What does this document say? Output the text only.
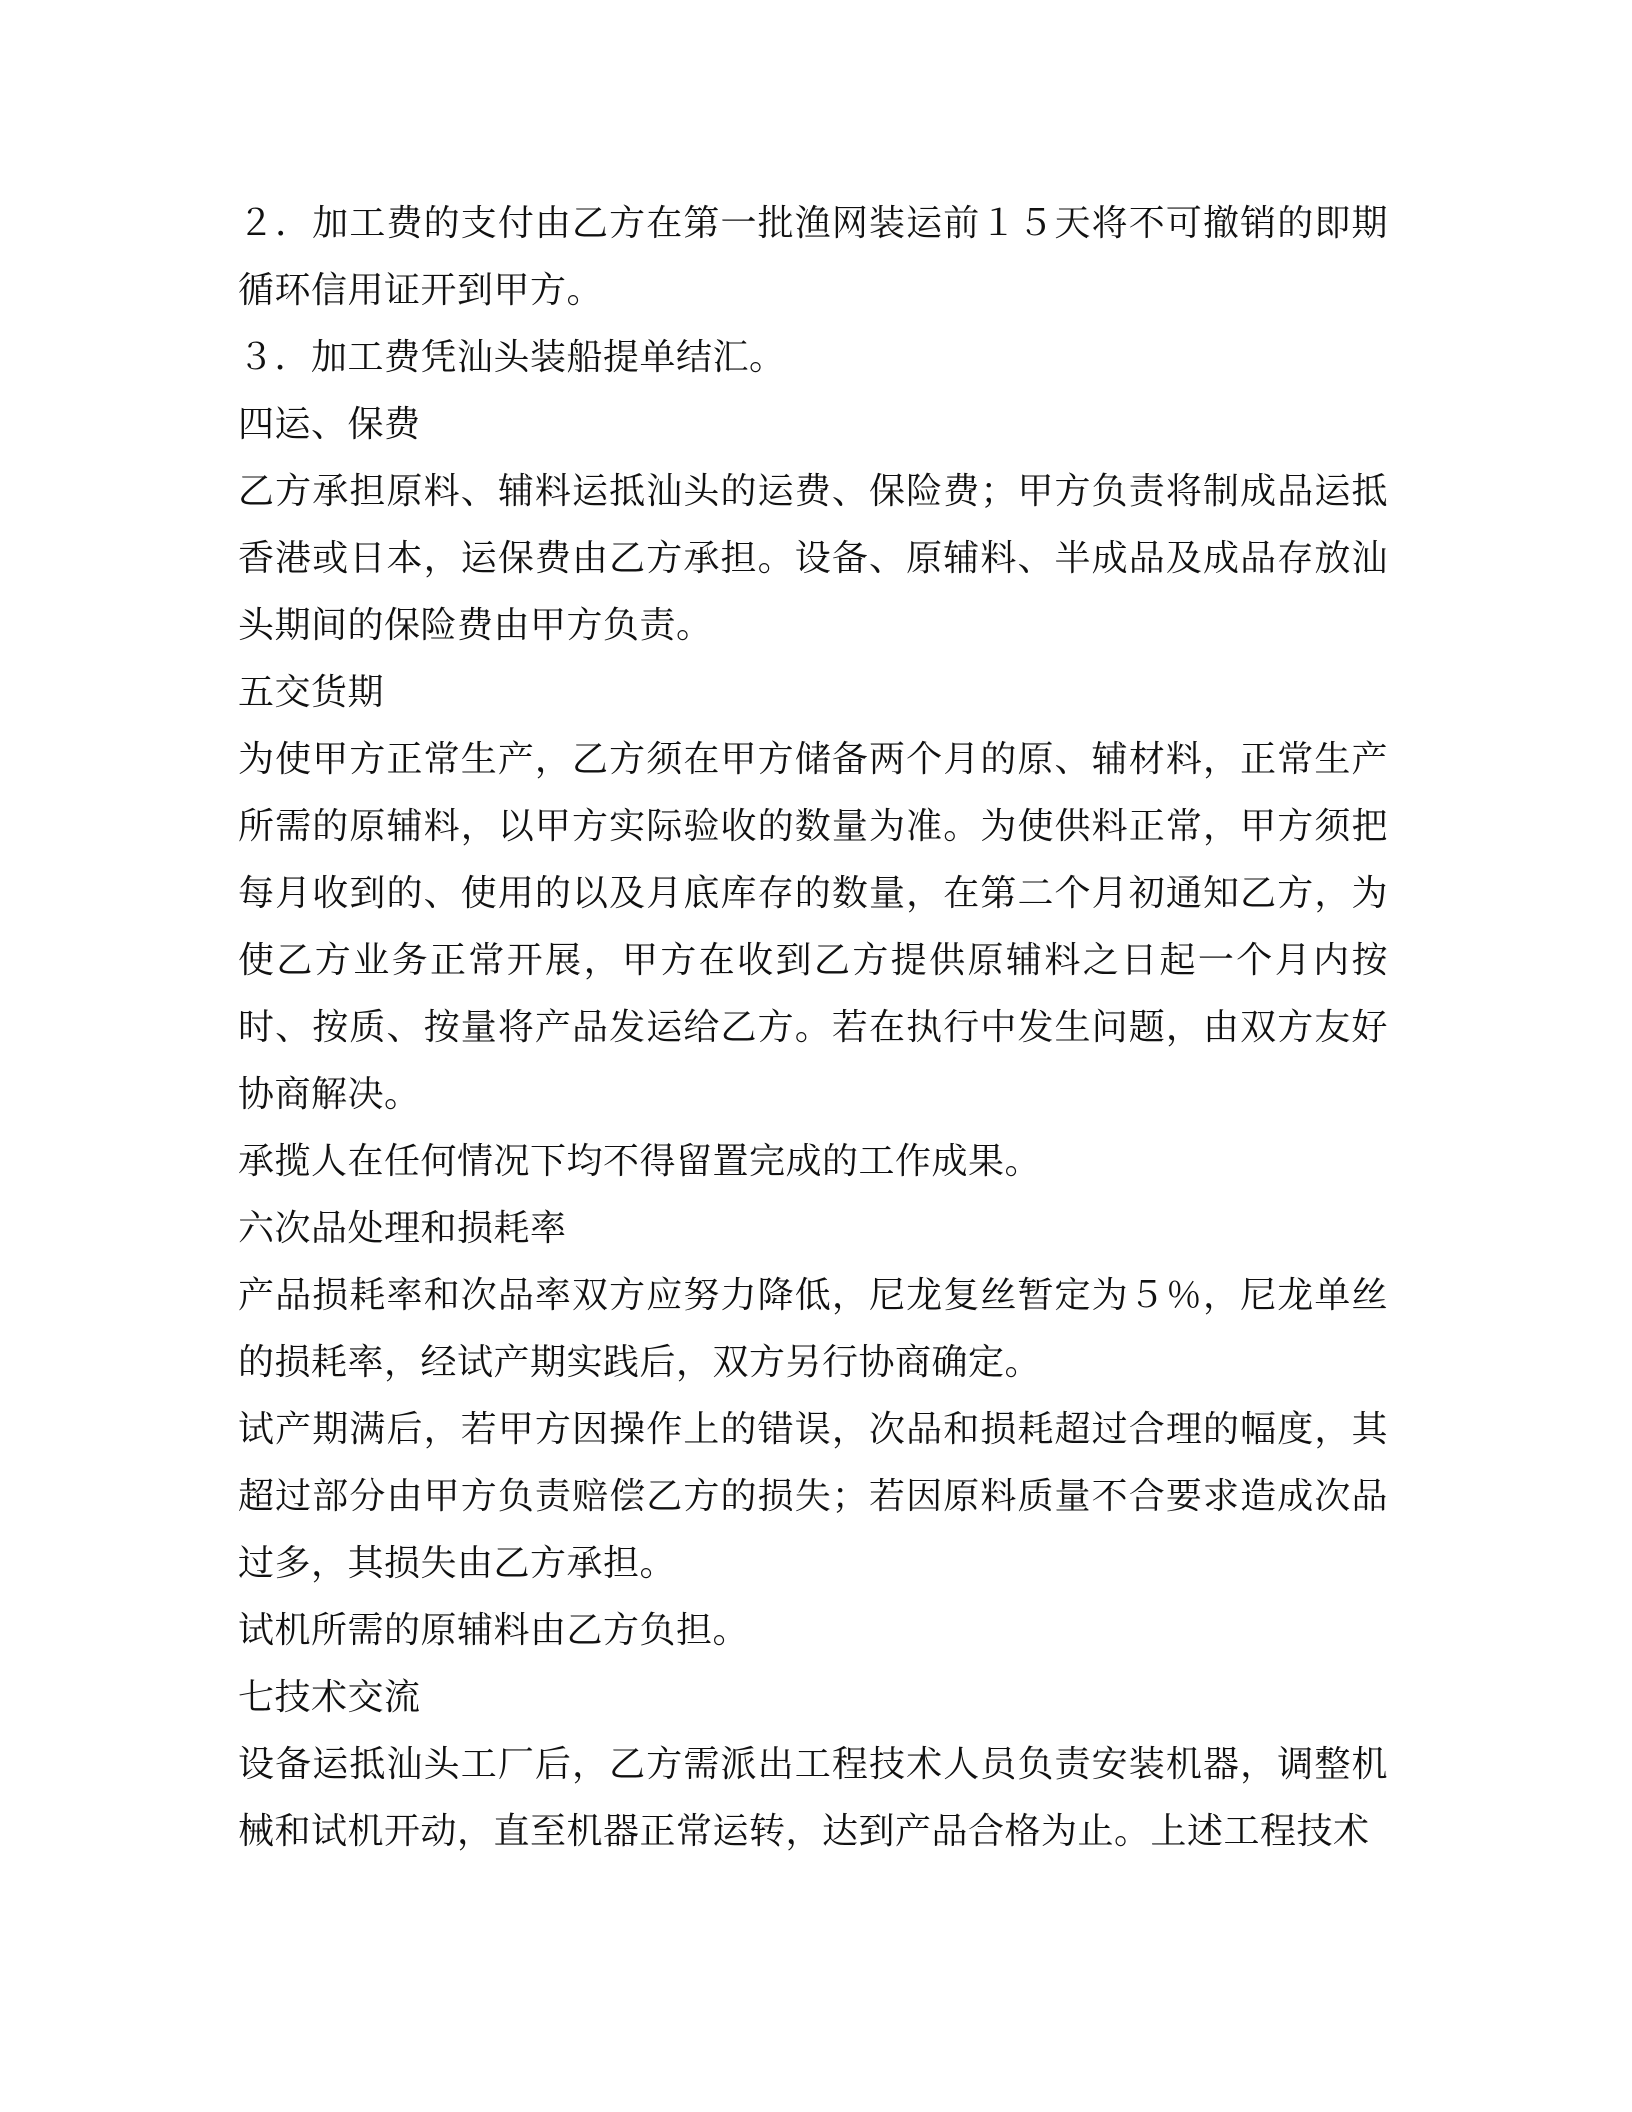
２．加工费的支付由乙方在第一批渔网装运前１５天将不可撤销的即期循环信用证开到甲方。

３．加工费凭汕头装船提单结汇。

四运、保费

乙方承担原料、辅料运抵汕头的运费、保险费；甲方负责将制成品运抵香港或日本，运保费由乙方承担。设备、原辅料、半成品及成品存放汕头期间的保险费由甲方负责。

五交货期

为使甲方正常生产，乙方须在甲方储备两个月的原、辅材料，正常生产所需的原辅料，以甲方实际验收的数量为准。为使供料正常，甲方须把每月收到的、使用的以及月底库存的数量，在第二个月初通知乙方，为使乙方业务正常开展，甲方在收到乙方提供原辅料之日起一个月内按时、按质、按量将产品发运给乙方。若在执行中发生问题，由双方友好协商解决。

承揽人在任何情况下均不得留置完成的工作成果。

六次品处理和损耗率

产品损耗率和次品率双方应努力降低，尼龙复丝暂定为５％，尼龙单丝的损耗率，经试产期实践后，双方另行协商确定。

试产期满后，若甲方因操作上的错误，次品和损耗超过合理的幅度，其超过部分由甲方负责赔偿乙方的损失；若因原料质量不合要求造成次品过多，其损失由乙方承担。

试机所需的原辅料由乙方负担。

七技术交流

设备运抵汕头工厂后，乙方需派出工程技术人员负责安装机器，调整机械和试机开动，直至机器正常运转，达到产品合格为止。上述工程技术
